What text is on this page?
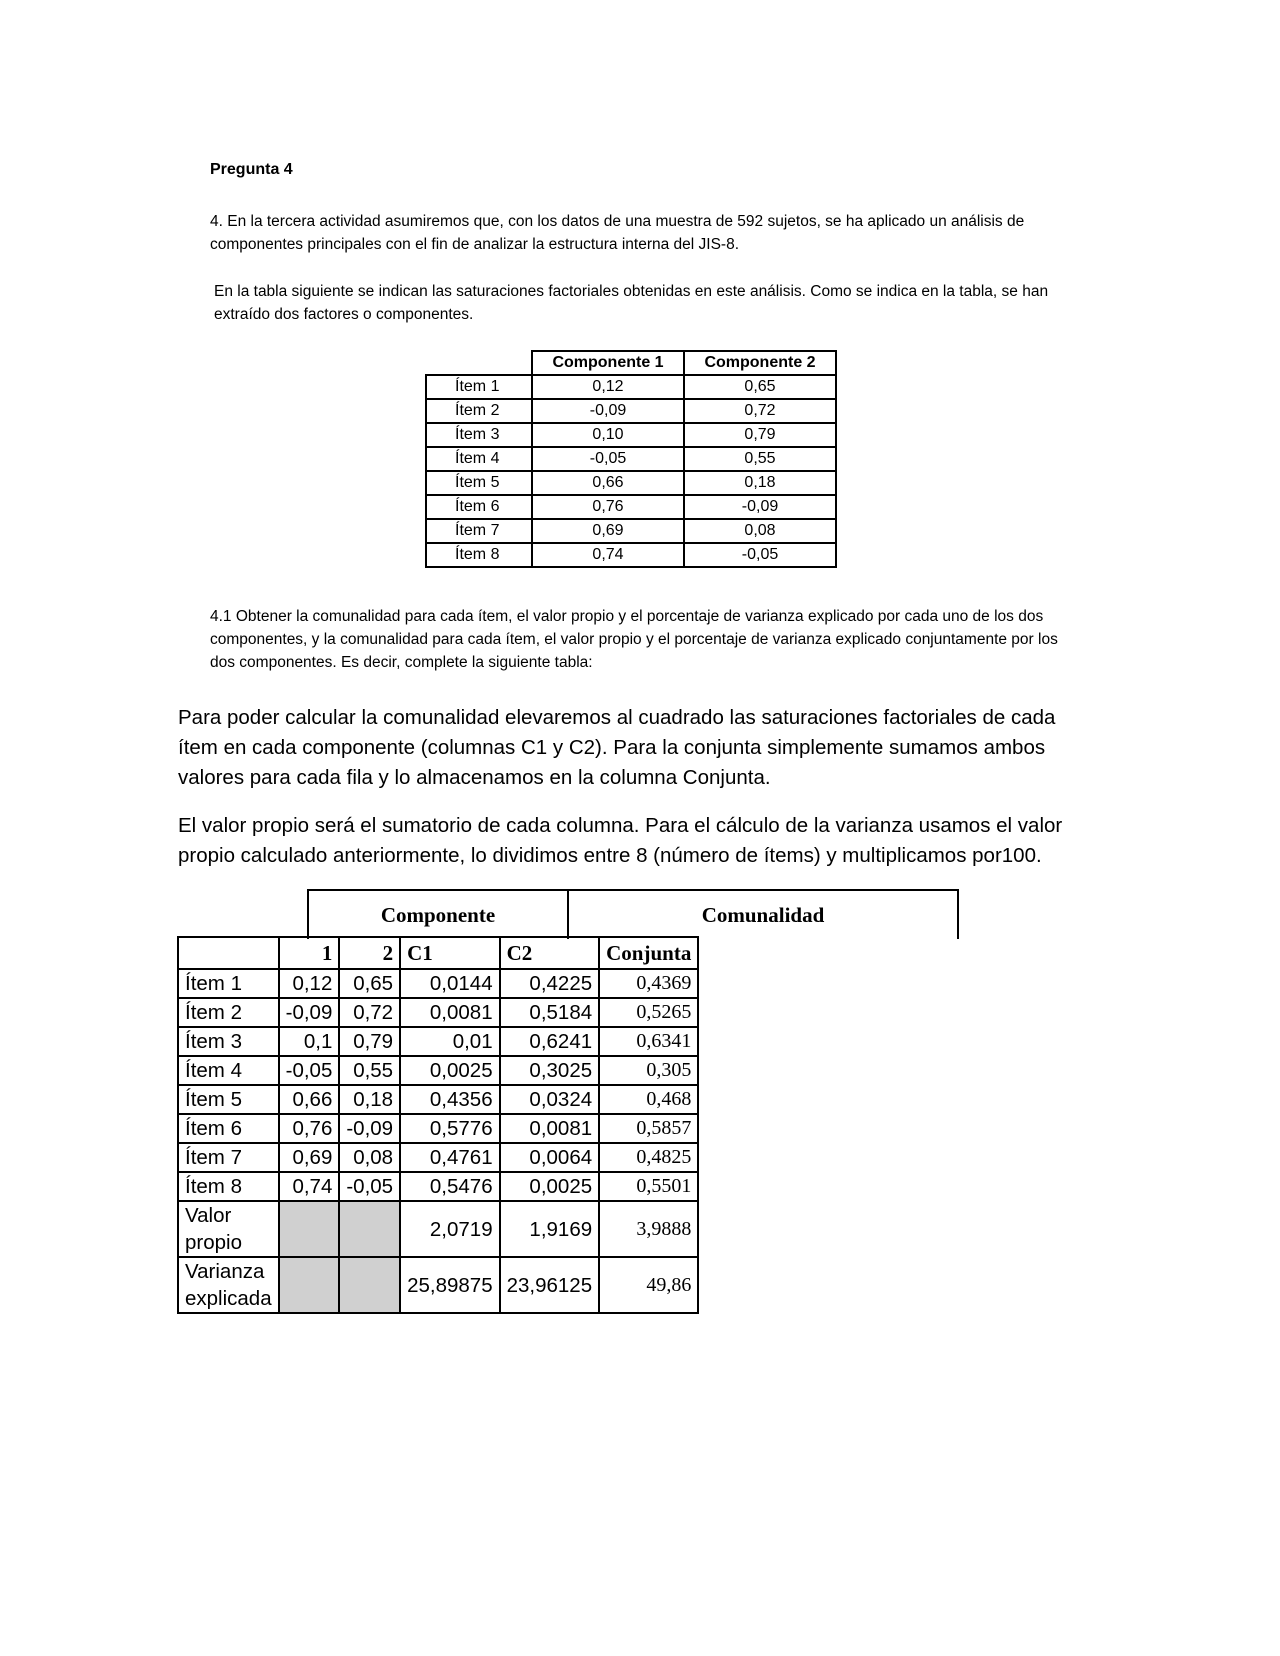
Pregunta 4
4. En la tercera actividad asumiremos que, con los datos de una muestra de 592 sujetos, se ha aplicado un análisis de componentes principales con el fin de analizar la estructura interna del JIS-8.
En la tabla siguiente se indican las saturaciones factoriales obtenidas en este análisis. Como se indica en la tabla, se han extraído dos factores o componentes.
	Componente 1	Componente 2
Ítem 1	0,12	0,65
Ítem 2	-0,09	0,72
Ítem 3	0,10	0,79
Ítem 4	-0,05	0,55
Ítem 5	0,66	0,18
Ítem 6	0,76	-0,09
Ítem 7	0,69	0,08
Ítem 8	0,74	-0,05
4.1 Obtener la comunalidad para cada ítem, el valor propio y el porcentaje de varianza explicado por cada uno de los dos componentes, y la comunalidad para cada ítem, el valor propio y el porcentaje de varianza explicado conjuntamente por los dos componentes. Es decir, complete la siguiente tabla:

Para poder calcular la comunalidad elevaremos al cuadrado las saturaciones factoriales de cada ítem en cada componente (columnas C1 y C2). Para la conjunta simplemente sumamos ambos valores para cada fila y lo almacenamos en la columna Conjunta.

El valor propio será el sumatorio de cada columna. Para el cálculo de la varianza usamos el valor propio calculado anteriormente, lo dividimos entre 8 (número de ítems) y multiplicamos por100.

Componente	Comunalidad
	1	2	C1	C2	Conjunta
Ítem 1	0,12	0,65	0,0144	0,4225	0,4369
Ítem 2	-0,09	0,72	0,0081	0,5184	0,5265
Ítem 3	0,1	0,79	0,01	0,6241	0,6341
Ítem 4	-0,05	0,55	0,0025	0,3025	0,305
Ítem 5	0,66	0,18	0,4356	0,0324	0,468
Ítem 6	0,76	-0,09	0,5776	0,0081	0,5857
Ítem 7	0,69	0,08	0,4761	0,0064	0,4825
Ítem 8	0,74	-0,05	0,5476	0,0025	0,5501
Valor
propio			2,0719	1,9169	3,9888
Varianza
explicada			25,89875	23,96125	49,86
